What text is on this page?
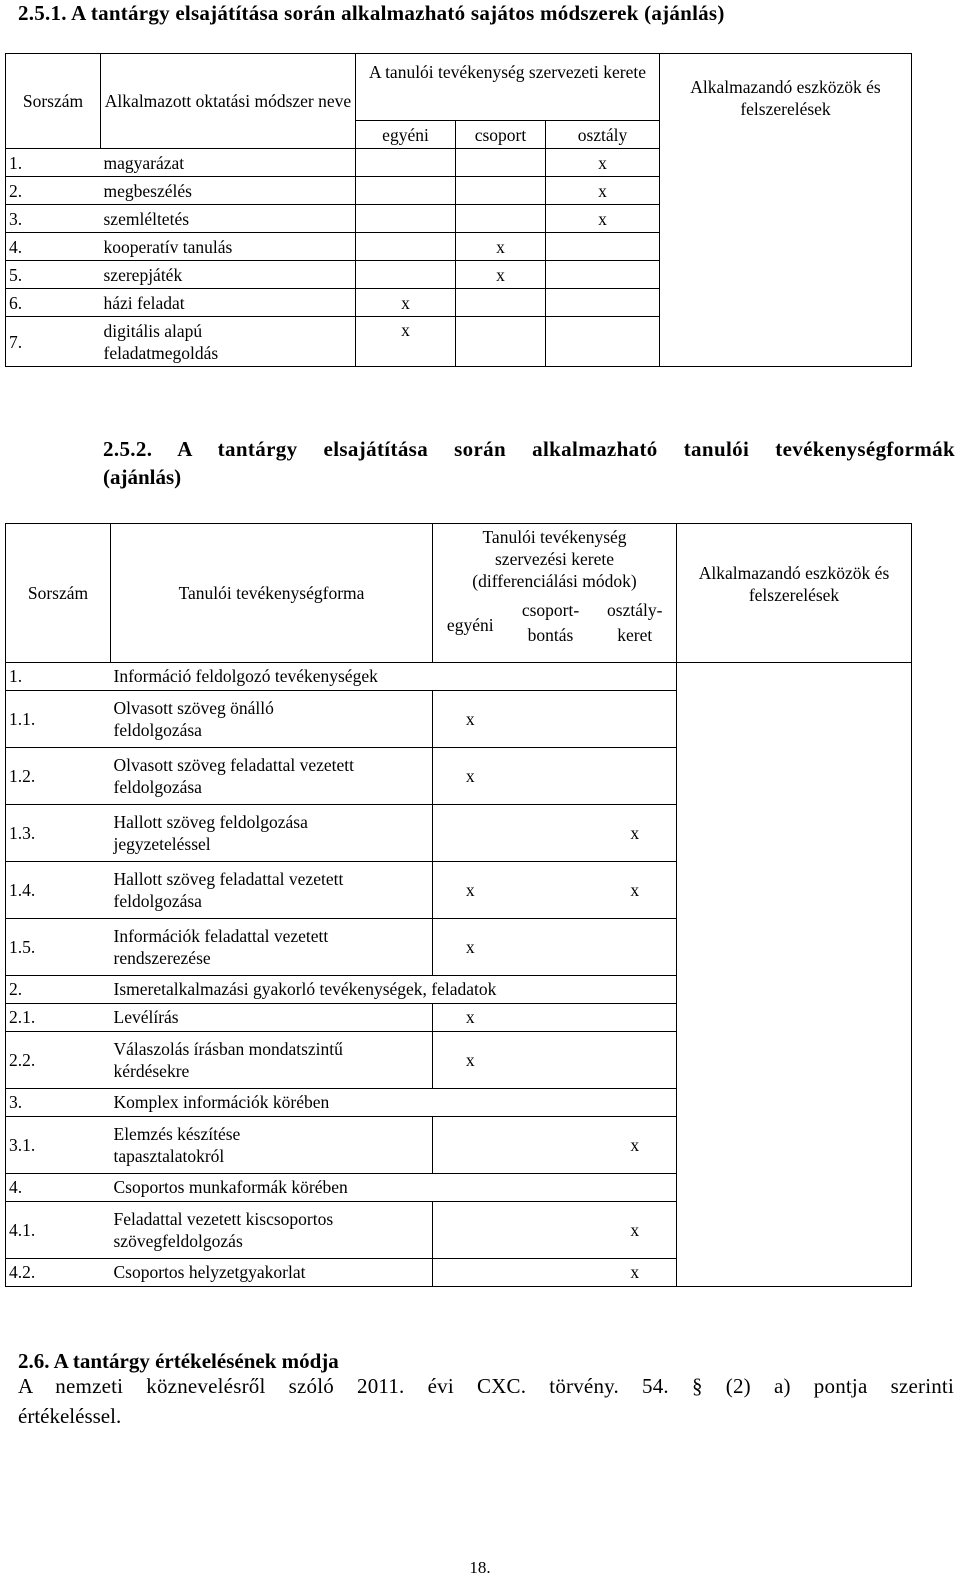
2.5.1. A tantárgy elsajátítása során alkalmazható sajátos módszerek (ajánlás)
Sorszám	Alkalmazott oktatási módszer neve	A tanulói tevékenység szervezeti kerete			Alkalmazandó eszközök és felszerelések
		egyéni	csoport	osztály	
1.	magyarázat			x	
2.	megbeszélés			x	
3.	szemléltetés			x	
4.	kooperatív tanulás		x		
5.	szerepjáték		x		
6.	házi feladat	x			
7.	digitális alapú feladatmegoldás	x			
2.5.2. A tantárgy elsajátítása során alkalmazható tanulói tevékenységformák
(ajánlás)
Sorszám	Tanulói tevékenységforma	Tanulói tevékenység szervezési kerete (differenciálási módok)			Alkalmazandó eszközök és felszerelések
		egyéni	csoport-bontás	osztály-keret	
1.	Információ feldolgozó tevékenységek				
1.1.	Olvasott szöveg önálló feldolgozása	x			
1.2.	Olvasott szöveg feladattal vezetett feldolgozása	x			
1.3.	Hallott szöveg feldolgozása jegyzeteléssel			x	
1.4.	Hallott szöveg feladattal vezetett feldolgozása	x		x	
1.5.	Információk feladattal vezetett rendszerezése	x			
2.	Ismeretalkalmazási gyakorló tevékenységek, feladatok				
2.1.	Levélírás	x			
2.2.	Válaszolás írásban mondatszintű kérdésekre	x			
3.	Komplex információk körében				
3.1.	Elemzés készítése tapasztalatokról			x	
4.	Csoportos munkaformák körében				
4.1.	Feladattal vezetett kiscsoportos szövegfeldolgozás			x	
4.2.	Csoportos helyzetgyakorlat			x	
2.6. A tantárgy értékelésének módja
A nemzeti köznevelésről szóló 2011. évi CXC. törvény. 54. § (2) a) pontja szerinti
értékeléssel.
18.
